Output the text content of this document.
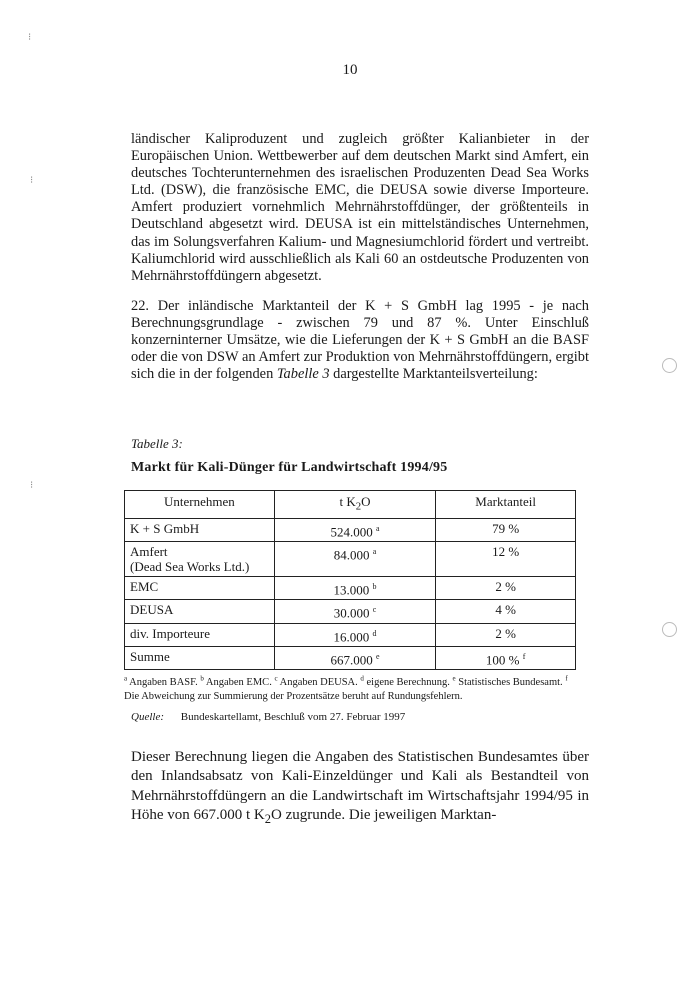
⁝
⁝
⁝
10

ländischer Kaliproduzent und zugleich größter Kalianbieter in der Europäischen Union. Wettbewerber auf dem deutschen Markt sind Amfert, ein deutsches Tochterunternehmen des israelischen Produzenten Dead Sea Works Ltd. (DSW), die französische EMC, die DEUSA sowie diverse Importeure. Amfert produziert vornehmlich Mehrnährstoffdünger, der größtenteils in Deutschland abgesetzt wird. DEUSA ist ein mittelständisches Unternehmen, das im Solungsverfahren Kalium- und Magnesiumchlorid fördert und vertreibt. Kaliumchlorid wird ausschließlich als Kali 60 an ostdeutsche Produzenten von Mehrnährstoffdüngern abgesetzt.

22. Der inländische Marktanteil der K + S GmbH lag 1995 - je nach Berechnungsgrundlage - zwischen 79 und 87 %. Unter Einschluß konzerninterner Umsätze, wie die Lieferungen der K + S GmbH an die BASF oder die von DSW an Amfert zur Produktion von Mehrnährstoffdüngern, ergibt sich die in der folgenden Tabelle 3 dargestellte Marktanteilsverteilung:

Tabelle 3:
Markt für Kali-Dünger für Landwirtschaft 1994/95
Unternehmen	t $K_2O$	Marktanteil
K + S GmbH	524.000 $^a$	79 %
Amfert
(Dead Sea Works Ltd.)	84.000 $^a$	12 %
EMC	13.000 $^b$	2 %
DEUSA	30.000 $^c$	4 %
div. Importeure	16.000 $^d$	2 %
Summe	667.000 $^e$	100 % $^f$

$^a$ Angaben BASF. $^b$ Angaben EMC. $^c$ Angaben DEUSA. $^d$ eigene Berechnung. $^e$ Statistisches Bundesamt. $^f$ Die Abweichung zur Summierung der Prozentsätze beruht auf Rundungsfehlern.

Quelle: Bundeskartellamt, Beschluß vom 27. Februar 1997

Dieser Berechnung liegen die Angaben des Statistischen Bundesamtes über den Inlandsabsatz von Kali-Einzeldünger und Kali als Bestandteil von Mehrnährstoffdüngern an die Landwirtschaft im Wirtschaftsjahr 1994/95 in Höhe von 667.000 t $K_2O$ zugrunde. Die jeweiligen Marktan-
